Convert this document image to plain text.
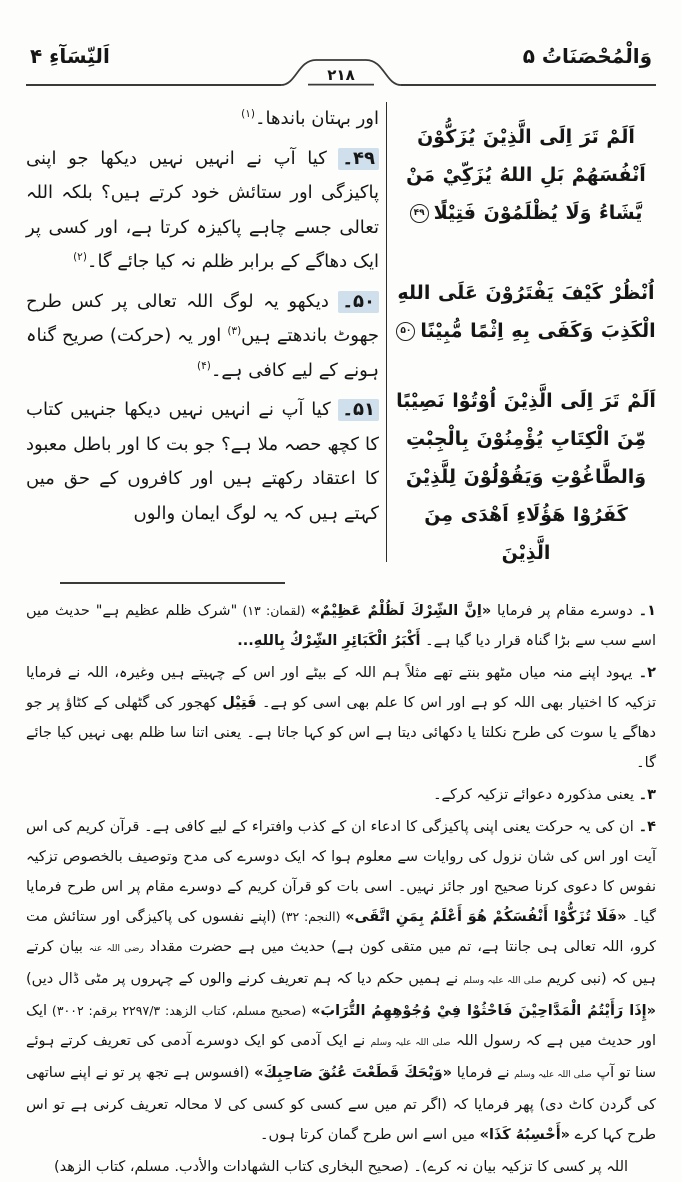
اَلنِّسَآءِ ۴	وَالْمُحْصَنَاتُ ۵
۲۱۸
اَلَمْ تَرَ اِلَى الَّذِيْنَ يُزَكُّوْنَ اَنْفُسَهُمْ بَلِ اللهُ يُزَكِّيْ مَنْ يَّشَاءُ وَلَا يُظْلَمُوْنَ فَتِيْلًا۴۹
اُنْظُرْ كَيْفَ يَفْتَرُوْنَ عَلَى اللهِ الْكَذِبَ وَكَفَى بِهِ اِثْمًا مُّبِيْنًا۵۰
اَلَمْ تَرَ اِلَى الَّذِيْنَ اُوْتُوْا نَصِيْبًا مِّنَ الْكِتَابِ يُؤْمِنُوْنَ بِالْجِبْتِ وَالطَّاغُوْتِ وَيَقُوْلُوْنَ لِلَّذِيْنَ كَفَرُوْا هَؤُلَاءِ اَهْدَى مِنَ الَّذِيْنَ
اور بہتان باندھا۔$^{(۱)}$
۴۹۔ کیا آپ نے انہیں نہیں دیکھا جو اپنی پاکیزگی اور ستائش خود کرتے ہیں؟ بلکہ اللہ تعالی جسے چاہے پاکیزہ کرتا ہے، اور کسی پر ایک دھاگے کے برابر ظلم نہ کیا جائے گا۔$^{(۲)}$
۵۰۔ دیکھو یہ لوگ اللہ تعالی پر کس طرح جھوٹ باندھتے ہیں$^{(۳)}$ اور یہ (حرکت) صریح گناہ ہونے کے لیے کافی ہے۔$^{(۴)}$
۵۱۔ کیا آپ نے انہیں نہیں دیکھا جنہیں کتاب کا کچھ حصہ ملا ہے؟ جو بت کا اور باطل معبود کا اعتقاد رکھتے ہیں اور کافروں کے حق میں کہتے ہیں کہ یہ لوگ ایمان والوں
۱۔ دوسرے مقام پر فرمایا «اِنَّ الشِّرْكَ لَظُلْمٌ عَظِيْمٌ» (لقمان: ۱۳) "شرک ظلم عظیم ہے" حدیث میں اسے سب سے بڑا گناہ قرار دیا گیا ہے۔ أَكْبَرُ الْكَبَائِرِ الشِّرْكُ بِاللهِ...
۲۔ یہود اپنے منہ میاں مٹھو بنتے تھے مثلاً ہم اللہ کے بیٹے اور اس کے چہیتے ہیں وغیرہ، اللہ نے فرمایا تزکیہ کا اختیار بھی اللہ کو ہے اور اس کا علم بھی اسی کو ہے۔ فَتِيْل کھجور کی گٹھلی کے کٹاؤ پر جو دھاگے یا سوت کی طرح نکلتا یا دکھائی دیتا ہے اس کو کہا جاتا ہے۔ یعنی اتنا سا ظلم بھی نہیں کیا جائے گا۔
۳۔ یعنی مذکورہ دعوائے تزکیہ کرکے۔
۴۔ ان کی یہ حرکت یعنی اپنی پاکیزگی کا ادعاء ان کے کذب وافتراء کے لیے کافی ہے۔ قرآن کریم کی اس آیت اور اس کی شان نزول کی روایات سے معلوم ہوا کہ ایک دوسرے کی مدح وتوصیف بالخصوص تزکیہ نفوس کا دعوی کرنا صحیح اور جائز نہیں۔ اسی بات کو قرآن کریم کے دوسرے مقام پر اس طرح فرمایا گیا۔ «فَلَا تُزَكُّوْا أَنْفُسَكُمْ هُوَ أَعْلَمُ بِمَنِ اتَّقَى» (النجم: ۳۲) (اپنے نفسوں کی پاکیزگی اور ستائش مت کرو، اللہ تعالی ہی جانتا ہے، تم میں متقی کون ہے) حدیث میں ہے حضرت مقداد رضی اللہ عنہ بیان کرتے ہیں کہ (نبی کریم صلی اللہ علیہ وسلم نے ہمیں حکم دیا کہ ہم تعریف کرنے والوں کے چہروں پر مٹی ڈال دیں) «إِذَا رَأَيْتُمُ الْمَدَّاحِيْنَ فَاحْثُوْا فِيْ وُجُوْهِهِمُ التُّرَابَ» (صحیح مسلم، کتاب الزھد: ۲۲۹۷/۳ برقم: ۳۰۰۲) ایک اور حدیث میں ہے کہ رسول اللہ صلی اللہ علیہ وسلم نے ایک آدمی کو ایک دوسرے آدمی کی تعریف کرتے ہوئے سنا تو آپ صلی اللہ علیہ وسلم نے فرمایا «وَيْحَكَ قَطَعْتَ عُنُقَ صَاحِبِكَ» (افسوس ہے تجھ پر تو نے اپنے ساتھی کی گردن کاٹ دی) پھر فرمایا کہ (اگر تم میں سے کسی کو کسی کی لا محالہ تعریف کرنی ہے تو اس طرح کہا کرے «أَحْسِبُهُ كَذَا» میں اسے اس طرح گمان کرتا ہوں۔
اللہ پر کسی کا تزکیہ بیان نہ کرے)۔ (صحیح البخاری کتاب الشھادات والأدب. مسلم، کتاب الزھد)
